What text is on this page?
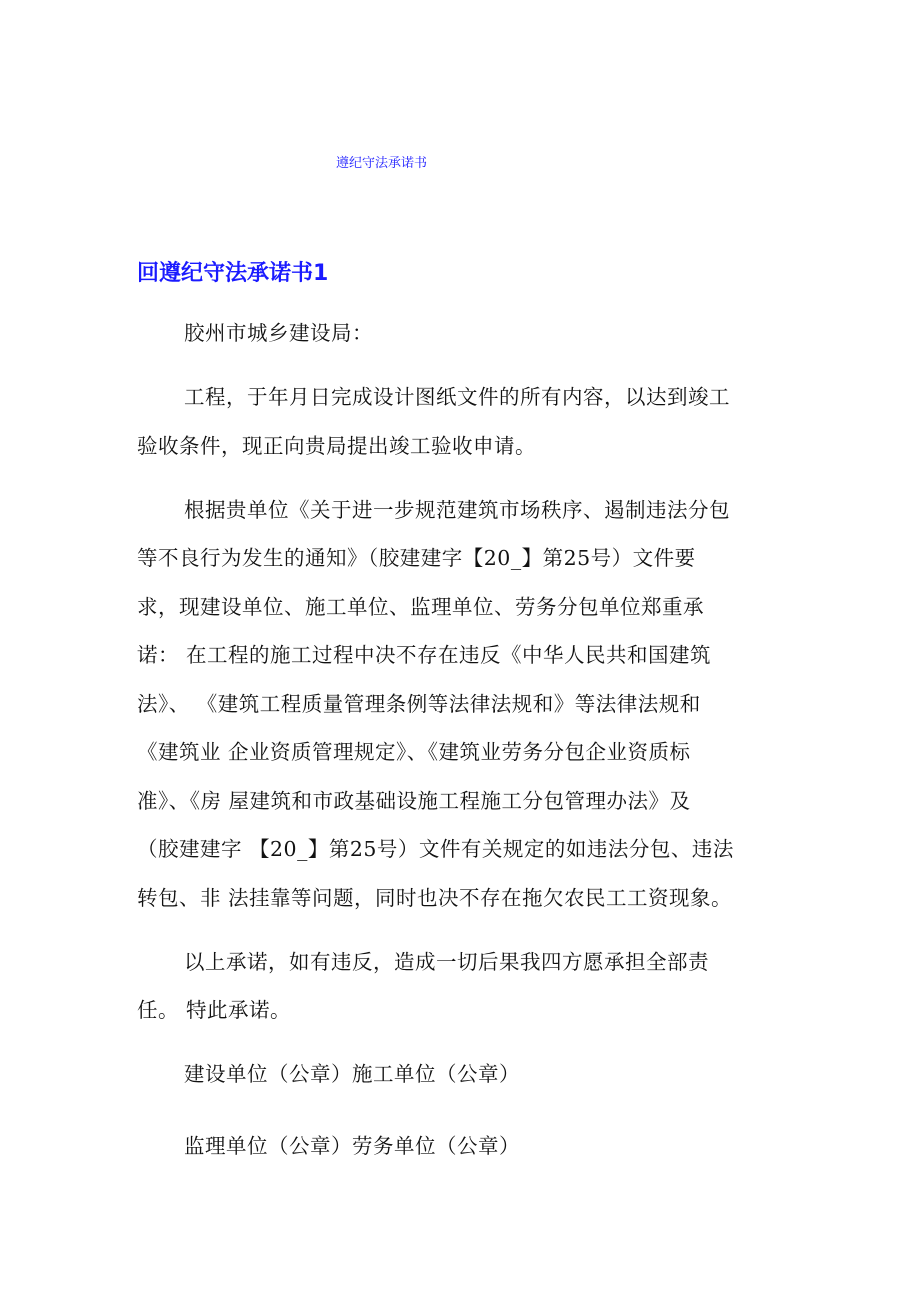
遵纪守法承诺书
回遵纪守法承诺书1
胶州市城乡建设局：
工程，于年月日完成设计图纸文件的所有内容，以达到竣工
验收条件，现正向贵局提出竣工验收申请。
根据贵单位《关于进一步规范建筑市场秩序、遏制违法分包
等不良行为发生的通知》（胶建建字【20_】第25号）文件要
求，现建设单位、施工单位、监理单位、劳务分包单位郑重承
诺： 在工程的施工过程中决不存在违反《中华人民共和国建筑
法》、 《建筑工程质量管理条例等法律法规和》等法律法规和
《建筑业 企业资质管理规定》、《建筑业劳务分包企业资质标
准》、《房 屋建筑和市政基础设施工程施工分包管理办法》及
（胶建建字 【20_】第25号）文件有关规定的如违法分包、违法
转包、非 法挂靠等问题，同时也决不存在拖欠农民工工资现象。
以上承诺，如有违反，造成一切后果我四方愿承担全部责
任。 特此承诺。
建设单位（公章）施工单位（公章）
监理单位（公章）劳务单位（公章）
